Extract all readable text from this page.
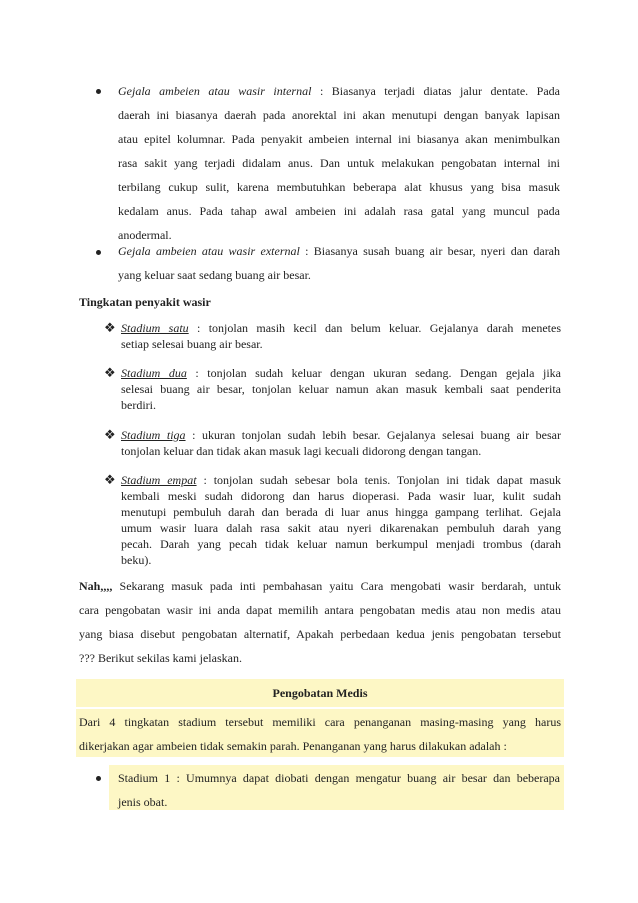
Gejala ambeien atau wasir internal : Biasanya terjadi diatas jalur dentate. Pada
daerah ini biasanya daerah pada anorektal ini akan menutupi dengan banyak lapisan
atau epitel kolumnar. Pada penyakit ambeien internal ini biasanya akan menimbulkan
rasa sakit yang terjadi didalam anus. Dan untuk melakukan pengobatan internal ini
terbilang cukup sulit, karena membutuhkan beberapa alat khusus yang bisa masuk
kedalam anus. Pada tahap awal ambeien ini adalah rasa gatal yang muncul pada
anodermal.
Gejala ambeien atau wasir external : Biasanya susah buang air besar, nyeri dan darah
yang keluar saat sedang buang air besar.
Tingkatan penyakit wasir
❖ Stadium satu : tonjolan masih kecil dan belum keluar. Gejalanya darah menetes
setiap selesai buang air besar.
❖ Stadium dua : tonjolan sudah keluar dengan ukuran sedang. Dengan gejala jika
selesai buang air besar, tonjolan keluar namun akan masuk kembali saat penderita
berdiri.
❖ Stadium tiga : ukuran tonjolan sudah lebih besar. Gejalanya selesai buang air besar
tonjolan keluar dan tidak akan masuk lagi kecuali didorong dengan tangan.
❖ Stadium empat : tonjolan sudah sebesar bola tenis. Tonjolan ini tidak dapat masuk
kembali meski sudah didorong dan harus dioperasi. Pada wasir luar, kulit sudah
menutupi pembuluh darah dan berada di luar anus hingga gampang terlihat. Gejala
umum wasir luara dalah rasa sakit atau nyeri dikarenakan pembuluh darah yang
pecah. Darah yang pecah tidak keluar namun berkumpul menjadi trombus (darah
beku).
Nah,,,, Sekarang masuk pada inti pembahasan yaitu Cara mengobati wasir berdarah, untuk
cara pengobatan wasir ini anda dapat memilih antara pengobatan medis atau non medis atau
yang biasa disebut pengobatan alternatif, Apakah perbedaan kedua jenis pengobatan tersebut
??? Berikut sekilas kami jelaskan.
Pengobatan Medis
Dari 4 tingkatan stadium tersebut memiliki cara penanganan masing-masing yang harus
dikerjakan agar ambeien tidak semakin parah. Penanganan yang harus dilakukan adalah :
Stadium 1 : Umumnya dapat diobati dengan mengatur buang air besar dan beberapa
jenis obat.
